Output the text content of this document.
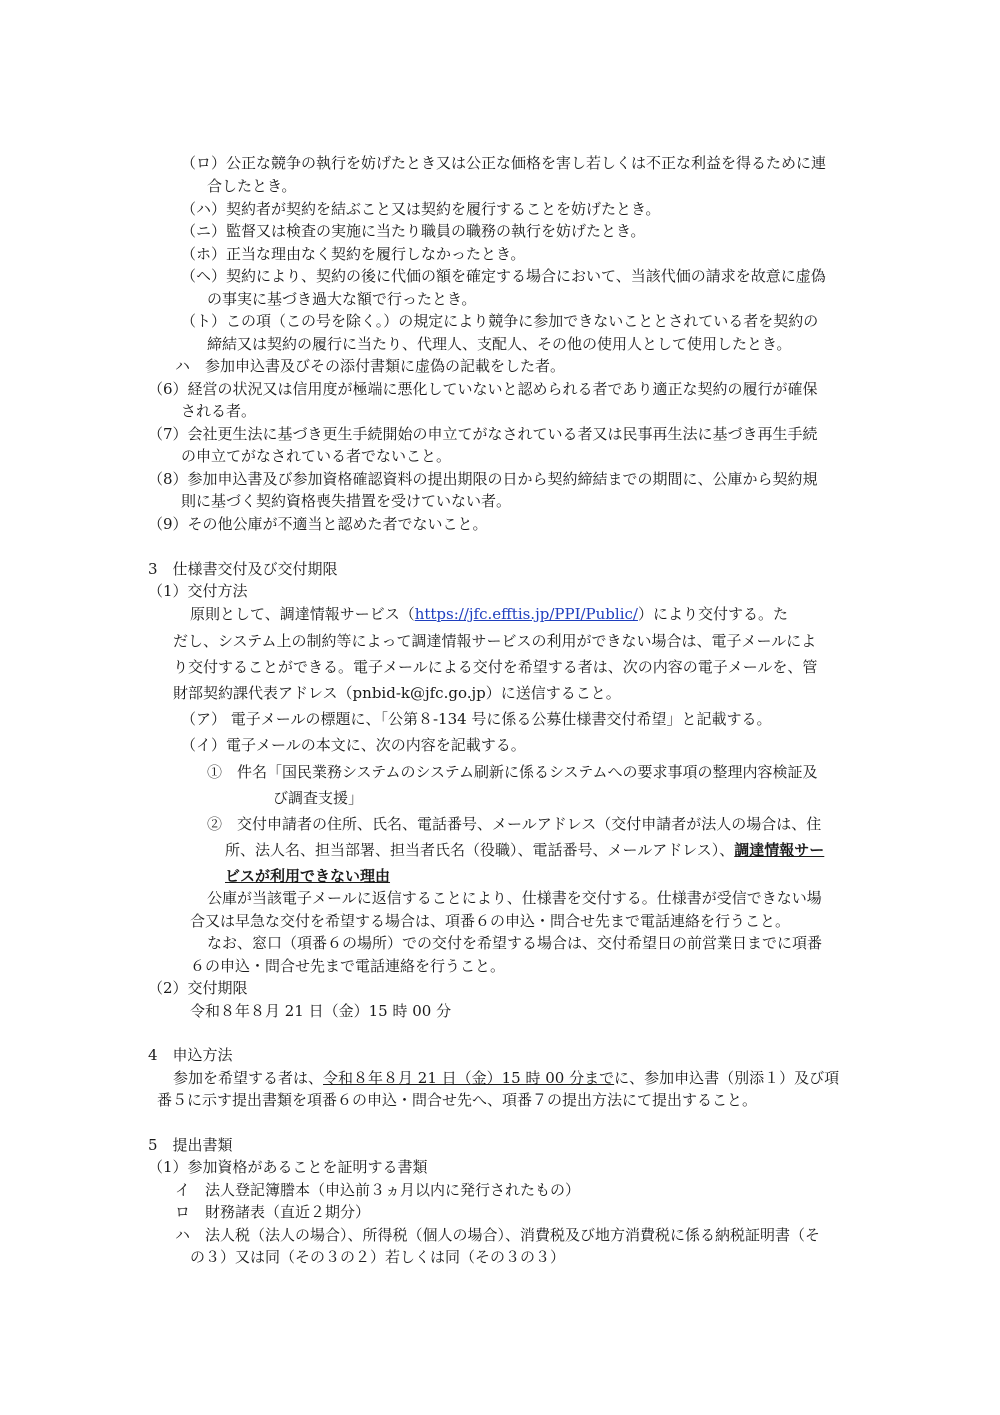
（ロ）公正な競争の執行を妨げたとき又は公正な価格を害し若しくは不正な利益を得るために連
合したとき。
（ハ）契約者が契約を結ぶこと又は契約を履行することを妨げたとき。
（ニ）監督又は検査の実施に当たり職員の職務の執行を妨げたとき。
（ホ）正当な理由なく契約を履行しなかったとき。
（ヘ）契約により、契約の後に代価の額を確定する場合において、当該代価の請求を故意に虚偽
の事実に基づき過大な額で行ったとき。
（ト）この項（この号を除く。）の規定により競争に参加できないこととされている者を契約の
締結又は契約の履行に当たり、代理人、支配人、その他の使用人として使用したとき。
ハ　参加申込書及びその添付書類に虚偽の記載をした者。
（6）経営の状況又は信用度が極端に悪化していないと認められる者であり適正な契約の履行が確保
される者。
（7）会社更生法に基づき更生手続開始の申立てがなされている者又は民事再生法に基づき再生手続
の申立てがなされている者でないこと。
（8）参加申込書及び参加資格確認資料の提出期限の日から契約締結までの期間に、公庫から契約規
則に基づく契約資格喪失措置を受けていない者。
（9）その他公庫が不適当と認めた者でないこと。
3　仕様書交付及び交付期限
（1）交付方法
原則として、調達情報サービス（https://jfc.efftis.jp/PPI/Public/）により交付する。た
だし、システム上の制約等によって調達情報サービスの利用ができない場合は、電子メールによ
り交付することができる。電子メールによる交付を希望する者は、次の内容の電子メールを、管
財部契約課代表アドレス（pnbid-k@jfc.go.jp）に送信すること。
（ア） 電子メールの標題に、「公第８-134 号に係る公募仕様書交付希望」と記載する。
（イ）電子メールの本文に、次の内容を記載する。
①　件名「国民業務システムのシステム刷新に係るシステムへの要求事項の整理内容検証及
び調査支援」
②　交付申請者の住所、氏名、電話番号、メールアドレス（交付申請者が法人の場合は、住
所、法人名、担当部署、担当者氏名（役職）、電話番号、メールアドレス）、調達情報サー
ビスが利用できない理由
公庫が当該電子メールに返信することにより、仕様書を交付する。仕様書が受信できない場
合又は早急な交付を希望する場合は、項番６の申込・問合せ先まで電話連絡を行うこと。
なお、窓口（項番６の場所）での交付を希望する場合は、交付希望日の前営業日までに項番
６の申込・問合せ先まで電話連絡を行うこと。
（2）交付期限
令和８年８月 21 日（金）15 時 00 分
4　申込方法
参加を希望する者は、令和８年８月 21 日（金）15 時 00 分までに、参加申込書（別添１）及び項
番５に示す提出書類を項番６の申込・問合せ先へ、項番７の提出方法にて提出すること。
5　提出書類
（1）参加資格があることを証明する書類
イ　法人登記簿謄本（申込前３ヵ月以内に発行されたもの）
ロ　財務諸表（直近２期分）
ハ　法人税（法人の場合）、所得税（個人の場合）、消費税及び地方消費税に係る納税証明書（そ
の３）又は同（その３の２）若しくは同（その３の３）
